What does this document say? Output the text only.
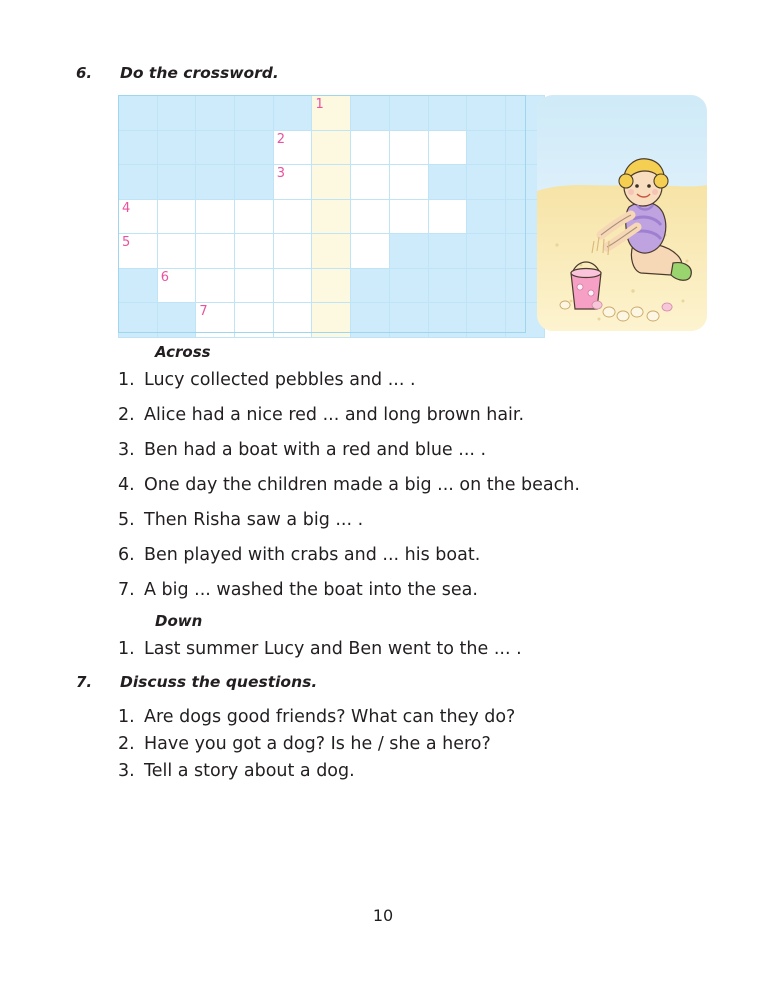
6.	Do the crossword.

					1					

				2						

				3						

4										

5										

	6									

		7								

Across
1. Lucy collected pebbles and ... .
2. Alice had a nice red ... and long brown hair.
3. Ben had a boat with a red and blue ... .
4. One day the children made a big ... on the beach.
5. Then Risha saw a big ... .
6. Ben played with crabs and ... his boat.
7. A big ... washed the boat into the sea.
Down
1. Last summer Lucy and Ben went to the ... .
7.	Discuss the questions.
1. Are dogs good friends? What can they do?
2. Have you got a dog? Is he / she a hero?
3. Tell a story about a dog.
10
